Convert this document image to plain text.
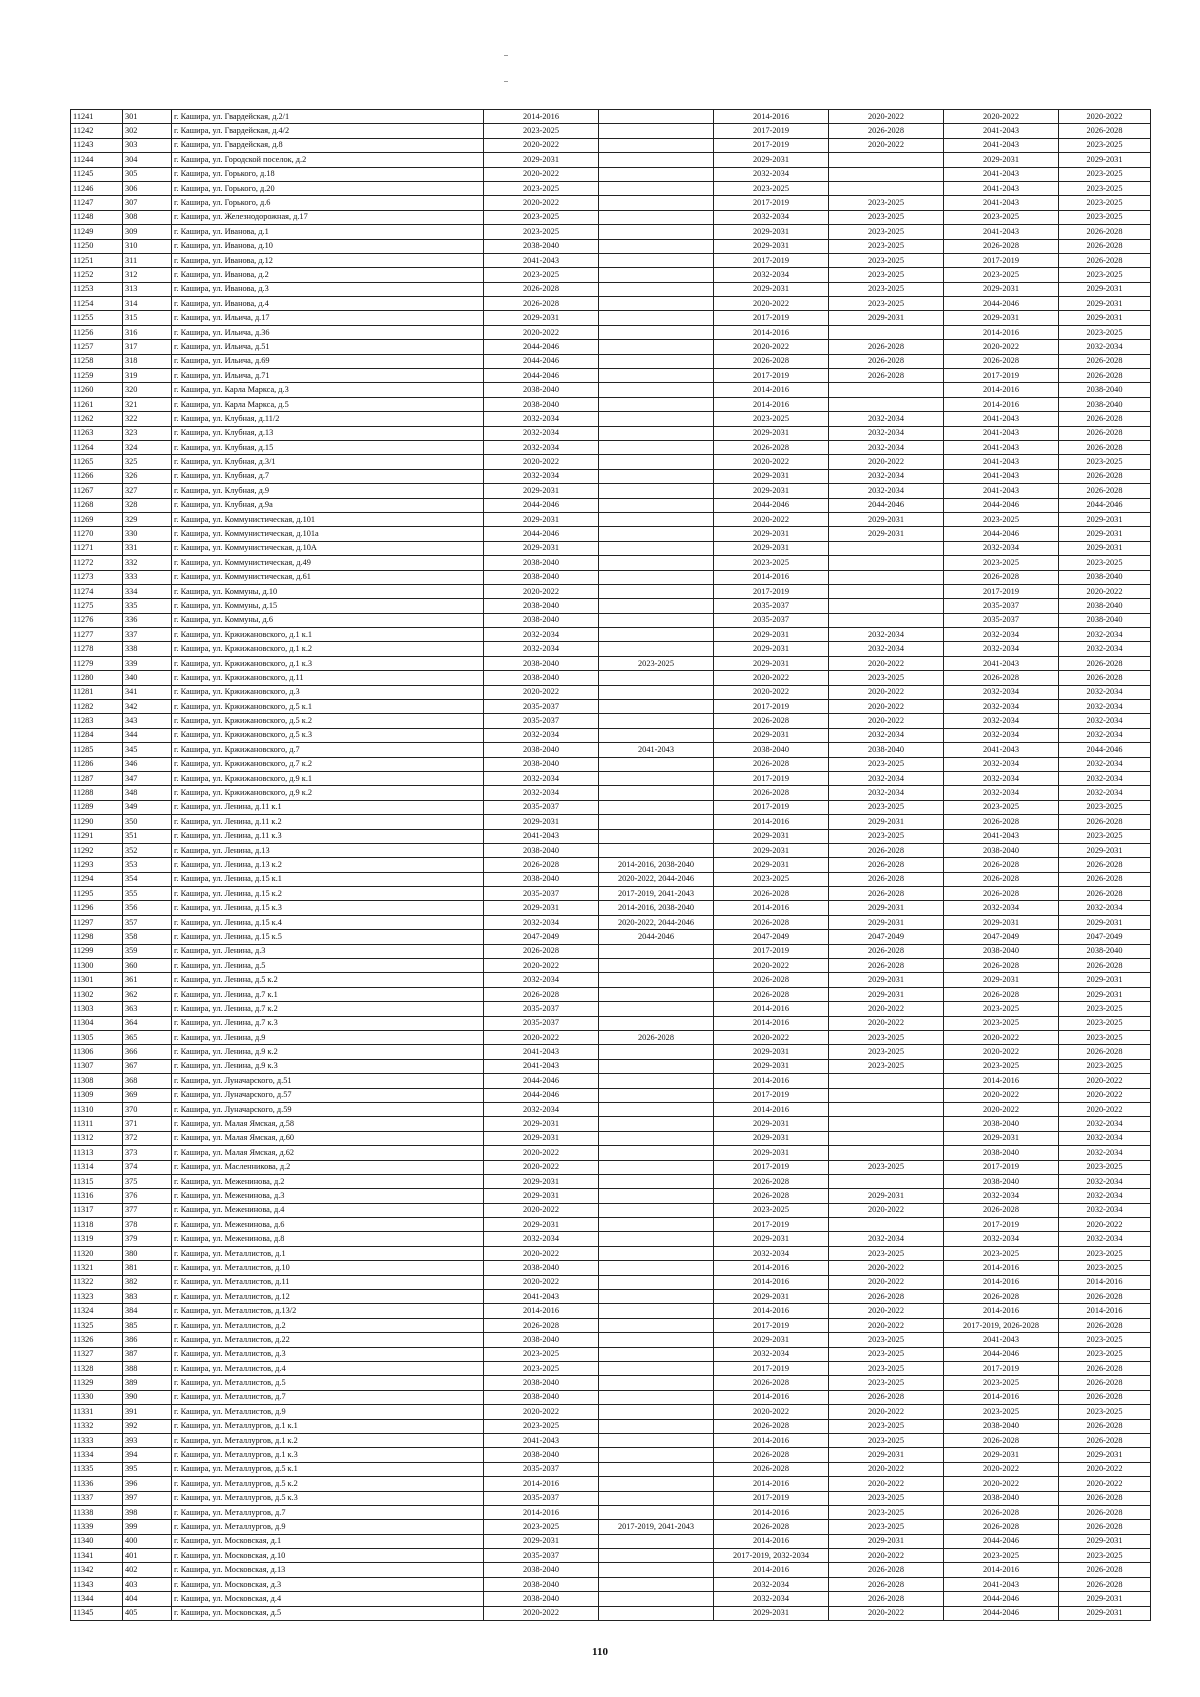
11241	301	г. Кашира, ул. Гвардейская, д.2/1	2014-2016		2014-2016	2020-2022	2020-2022	2020-2022
11242	302	г. Кашира, ул. Гвардейская, д.4/2	2023-2025		2017-2019	2026-2028	2041-2043	2026-2028
11243	303	г. Кашира, ул. Гвардейская, д.8	2020-2022		2017-2019	2020-2022	2041-2043	2023-2025
11244	304	г. Кашира, ул. Городской поселок, д.2	2029-2031		2029-2031		2029-2031	2029-2031
11245	305	г. Кашира, ул. Горького, д.18	2020-2022		2032-2034		2041-2043	2023-2025
11246	306	г. Кашира, ул. Горького, д.20	2023-2025		2023-2025		2041-2043	2023-2025
11247	307	г. Кашира, ул. Горького, д.6	2020-2022		2017-2019	2023-2025	2041-2043	2023-2025
11248	308	г. Кашира, ул. Железнодорожная, д.17	2023-2025		2032-2034	2023-2025	2023-2025	2023-2025
11249	309	г. Кашира, ул. Иванова, д.1	2023-2025		2029-2031	2023-2025	2041-2043	2026-2028
11250	310	г. Кашира, ул. Иванова, д.10	2038-2040		2029-2031	2023-2025	2026-2028	2026-2028
11251	311	г. Кашира, ул. Иванова, д.12	2041-2043		2017-2019	2023-2025	2017-2019	2026-2028
11252	312	г. Кашира, ул. Иванова, д.2	2023-2025		2032-2034	2023-2025	2023-2025	2023-2025
11253	313	г. Кашира, ул. Иванова, д.3	2026-2028		2029-2031	2023-2025	2029-2031	2029-2031
11254	314	г. Кашира, ул. Иванова, д.4	2026-2028		2020-2022	2023-2025	2044-2046	2029-2031
11255	315	г. Кашира, ул. Ильича, д.17	2029-2031		2017-2019	2029-2031	2029-2031	2029-2031
11256	316	г. Кашира, ул. Ильича, д.36	2020-2022		2014-2016		2014-2016	2023-2025
11257	317	г. Кашира, ул. Ильича, д.51	2044-2046		2020-2022	2026-2028	2020-2022	2032-2034
11258	318	г. Кашира, ул. Ильича, д.69	2044-2046		2026-2028	2026-2028	2026-2028	2026-2028
11259	319	г. Кашира, ул. Ильича, д.71	2044-2046		2017-2019	2026-2028	2017-2019	2026-2028
11260	320	г. Кашира, ул. Карла Маркса, д.3	2038-2040		2014-2016		2014-2016	2038-2040
11261	321	г. Кашира, ул. Карла Маркса, д.5	2038-2040		2014-2016		2014-2016	2038-2040
11262	322	г. Кашира, ул. Клубная, д.11/2	2032-2034		2023-2025	2032-2034	2041-2043	2026-2028
11263	323	г. Кашира, ул. Клубная, д.13	2032-2034		2029-2031	2032-2034	2041-2043	2026-2028
11264	324	г. Кашира, ул. Клубная, д.15	2032-2034		2026-2028	2032-2034	2041-2043	2026-2028
11265	325	г. Кашира, ул. Клубная, д.3/1	2020-2022		2020-2022	2020-2022	2041-2043	2023-2025
11266	326	г. Кашира, ул. Клубная, д.7	2032-2034		2029-2031	2032-2034	2041-2043	2026-2028
11267	327	г. Кашира, ул. Клубная, д.9	2029-2031		2029-2031	2032-2034	2041-2043	2026-2028
11268	328	г. Кашира, ул. Клубная, д.9а	2044-2046		2044-2046	2044-2046	2044-2046	2044-2046
11269	329	г. Кашира, ул. Коммунистическая, д.101	2029-2031		2020-2022	2029-2031	2023-2025	2029-2031
11270	330	г. Кашира, ул. Коммунистическая, д.101а	2044-2046		2029-2031	2029-2031	2044-2046	2029-2031
11271	331	г. Кашира, ул. Коммунистическая, д.10А	2029-2031		2029-2031		2032-2034	2029-2031
11272	332	г. Кашира, ул. Коммунистическая, д.49	2038-2040		2023-2025		2023-2025	2023-2025
11273	333	г. Кашира, ул. Коммунистическая, д.61	2038-2040		2014-2016		2026-2028	2038-2040
11274	334	г. Кашира, ул. Коммуны, д.10	2020-2022		2017-2019		2017-2019	2020-2022
11275	335	г. Кашира, ул. Коммуны, д.15	2038-2040		2035-2037		2035-2037	2038-2040
11276	336	г. Кашира, ул. Коммуны, д.6	2038-2040		2035-2037		2035-2037	2038-2040
11277	337	г. Кашира, ул. Кржижановского, д.1 к.1	2032-2034		2029-2031	2032-2034	2032-2034	2032-2034
11278	338	г. Кашира, ул. Кржижановского, д.1 к.2	2032-2034		2029-2031	2032-2034	2032-2034	2032-2034
11279	339	г. Кашира, ул. Кржижановского, д.1 к.3	2038-2040	2023-2025	2029-2031	2020-2022	2041-2043	2026-2028
11280	340	г. Кашира, ул. Кржижановского, д.11	2038-2040		2020-2022	2023-2025	2026-2028	2026-2028
11281	341	г. Кашира, ул. Кржижановского, д.3	2020-2022		2020-2022	2020-2022	2032-2034	2032-2034
11282	342	г. Кашира, ул. Кржижановского, д.5 к.1	2035-2037		2017-2019	2020-2022	2032-2034	2032-2034
11283	343	г. Кашира, ул. Кржижановского, д.5 к.2	2035-2037		2026-2028	2020-2022	2032-2034	2032-2034
11284	344	г. Кашира, ул. Кржижановского, д.5 к.3	2032-2034		2029-2031	2032-2034	2032-2034	2032-2034
11285	345	г. Кашира, ул. Кржижановского, д.7	2038-2040	2041-2043	2038-2040	2038-2040	2041-2043	2044-2046
11286	346	г. Кашира, ул. Кржижановского, д.7 к.2	2038-2040		2026-2028	2023-2025	2032-2034	2032-2034
11287	347	г. Кашира, ул. Кржижановского, д.9 к.1	2032-2034		2017-2019	2032-2034	2032-2034	2032-2034
11288	348	г. Кашира, ул. Кржижановского, д.9 к.2	2032-2034		2026-2028	2032-2034	2032-2034	2032-2034
11289	349	г. Кашира, ул. Ленина, д.11 к.1	2035-2037		2017-2019	2023-2025	2023-2025	2023-2025
11290	350	г. Кашира, ул. Ленина, д.11 к.2	2029-2031		2014-2016	2029-2031	2026-2028	2026-2028
11291	351	г. Кашира, ул. Ленина, д.11 к.3	2041-2043		2029-2031	2023-2025	2041-2043	2023-2025
11292	352	г. Кашира, ул. Ленина, д.13	2038-2040		2029-2031	2026-2028	2038-2040	2029-2031
11293	353	г. Кашира, ул. Ленина, д.13 к.2	2026-2028	2014-2016, 2038-2040	2029-2031	2026-2028	2026-2028	2026-2028
11294	354	г. Кашира, ул. Ленина, д.15 к.1	2038-2040	2020-2022, 2044-2046	2023-2025	2026-2028	2026-2028	2026-2028
11295	355	г. Кашира, ул. Ленина, д.15 к.2	2035-2037	2017-2019, 2041-2043	2026-2028	2026-2028	2026-2028	2026-2028
11296	356	г. Кашира, ул. Ленина, д.15 к.3	2029-2031	2014-2016, 2038-2040	2014-2016	2029-2031	2032-2034	2032-2034
11297	357	г. Кашира, ул. Ленина, д.15 к.4	2032-2034	2020-2022, 2044-2046	2026-2028	2029-2031	2029-2031	2029-2031
11298	358	г. Кашира, ул. Ленина, д.15 к.5	2047-2049	2044-2046	2047-2049	2047-2049	2047-2049	2047-2049
11299	359	г. Кашира, ул. Ленина, д.3	2026-2028		2017-2019	2026-2028	2038-2040	2038-2040
11300	360	г. Кашира, ул. Ленина, д.5	2020-2022		2020-2022	2026-2028	2026-2028	2026-2028
11301	361	г. Кашира, ул. Ленина, д.5 к.2	2032-2034		2026-2028	2029-2031	2029-2031	2029-2031
11302	362	г. Кашира, ул. Ленина, д.7 к.1	2026-2028		2026-2028	2029-2031	2026-2028	2029-2031
11303	363	г. Кашира, ул. Ленина, д.7 к.2	2035-2037		2014-2016	2020-2022	2023-2025	2023-2025
11304	364	г. Кашира, ул. Ленина, д.7 к.3	2035-2037		2014-2016	2020-2022	2023-2025	2023-2025
11305	365	г. Кашира, ул. Ленина, д.9	2020-2022	2026-2028	2020-2022	2023-2025	2020-2022	2023-2025
11306	366	г. Кашира, ул. Ленина, д.9 к.2	2041-2043		2029-2031	2023-2025	2020-2022	2026-2028
11307	367	г. Кашира, ул. Ленина, д.9 к.3	2041-2043		2029-2031	2023-2025	2023-2025	2023-2025
11308	368	г. Кашира, ул. Луначарского, д.51	2044-2046		2014-2016		2014-2016	2020-2022
11309	369	г. Кашира, ул. Луначарского, д.57	2044-2046		2017-2019		2020-2022	2020-2022
11310	370	г. Кашира, ул. Луначарского, д.59	2032-2034		2014-2016		2020-2022	2020-2022
11311	371	г. Кашира, ул. Малая Ямская, д.58	2029-2031		2029-2031		2038-2040	2032-2034
11312	372	г. Кашира, ул. Малая Ямская, д.60	2029-2031		2029-2031		2029-2031	2032-2034
11313	373	г. Кашира, ул. Малая Ямская, д.62	2020-2022		2029-2031		2038-2040	2032-2034
11314	374	г. Кашира, ул. Масленникова, д.2	2020-2022		2017-2019	2023-2025	2017-2019	2023-2025
11315	375	г. Кашира, ул. Меженинова, д.2	2029-2031		2026-2028		2038-2040	2032-2034
11316	376	г. Кашира, ул. Меженинова, д.3	2029-2031		2026-2028	2029-2031	2032-2034	2032-2034
11317	377	г. Кашира, ул. Меженинова, д.4	2020-2022		2023-2025	2020-2022	2026-2028	2032-2034
11318	378	г. Кашира, ул. Меженинова, д.6	2029-2031		2017-2019		2017-2019	2020-2022
11319	379	г. Кашира, ул. Меженинова, д.8	2032-2034		2029-2031	2032-2034	2032-2034	2032-2034
11320	380	г. Кашира, ул. Металлистов, д.1	2020-2022		2032-2034	2023-2025	2023-2025	2023-2025
11321	381	г. Кашира, ул. Металлистов, д.10	2038-2040		2014-2016	2020-2022	2014-2016	2023-2025
11322	382	г. Кашира, ул. Металлистов, д.11	2020-2022		2014-2016	2020-2022	2014-2016	2014-2016
11323	383	г. Кашира, ул. Металлистов, д.12	2041-2043		2029-2031	2026-2028	2026-2028	2026-2028
11324	384	г. Кашира, ул. Металлистов, д.13/2	2014-2016		2014-2016	2020-2022	2014-2016	2014-2016
11325	385	г. Кашира, ул. Металлистов, д.2	2026-2028		2017-2019	2020-2022	2017-2019, 2026-2028	2026-2028
11326	386	г. Кашира, ул. Металлистов, д.22	2038-2040		2029-2031	2023-2025	2041-2043	2023-2025
11327	387	г. Кашира, ул. Металлистов, д.3	2023-2025		2032-2034	2023-2025	2044-2046	2023-2025
11328	388	г. Кашира, ул. Металлистов, д.4	2023-2025		2017-2019	2023-2025	2017-2019	2026-2028
11329	389	г. Кашира, ул. Металлистов, д.5	2038-2040		2026-2028	2023-2025	2023-2025	2026-2028
11330	390	г. Кашира, ул. Металлистов, д.7	2038-2040		2014-2016	2026-2028	2014-2016	2026-2028
11331	391	г. Кашира, ул. Металлистов, д.9	2020-2022		2020-2022	2020-2022	2023-2025	2023-2025
11332	392	г. Кашира, ул. Металлургов, д.1 к.1	2023-2025		2026-2028	2023-2025	2038-2040	2026-2028
11333	393	г. Кашира, ул. Металлургов, д.1 к.2	2041-2043		2014-2016	2023-2025	2026-2028	2026-2028
11334	394	г. Кашира, ул. Металлургов, д.1 к.3	2038-2040		2026-2028	2029-2031	2029-2031	2029-2031
11335	395	г. Кашира, ул. Металлургов, д.5 к.1	2035-2037		2026-2028	2020-2022	2020-2022	2020-2022
11336	396	г. Кашира, ул. Металлургов, д.5 к.2	2014-2016		2014-2016	2020-2022	2020-2022	2020-2022
11337	397	г. Кашира, ул. Металлургов, д.5 к.3	2035-2037		2017-2019	2023-2025	2038-2040	2026-2028
11338	398	г. Кашира, ул. Металлургов, д.7	2014-2016		2014-2016	2023-2025	2026-2028	2026-2028
11339	399	г. Кашира, ул. Металлургов, д.9	2023-2025	2017-2019, 2041-2043	2026-2028	2023-2025	2026-2028	2026-2028
11340	400	г. Кашира, ул. Московская, д.1	2029-2031		2014-2016	2029-2031	2044-2046	2029-2031
11341	401	г. Кашира, ул. Московская, д.10	2035-2037		2017-2019, 2032-2034	2020-2022	2023-2025	2023-2025
11342	402	г. Кашира, ул. Московская, д.13	2038-2040		2014-2016	2026-2028	2014-2016	2026-2028
11343	403	г. Кашира, ул. Московская, д.3	2038-2040		2032-2034	2026-2028	2041-2043	2026-2028
11344	404	г. Кашира, ул. Московская, д.4	2038-2040		2032-2034	2026-2028	2044-2046	2029-2031
11345	405	г. Кашира, ул. Московская, д.5	2020-2022		2029-2031	2020-2022	2044-2046	2029-2031
110
